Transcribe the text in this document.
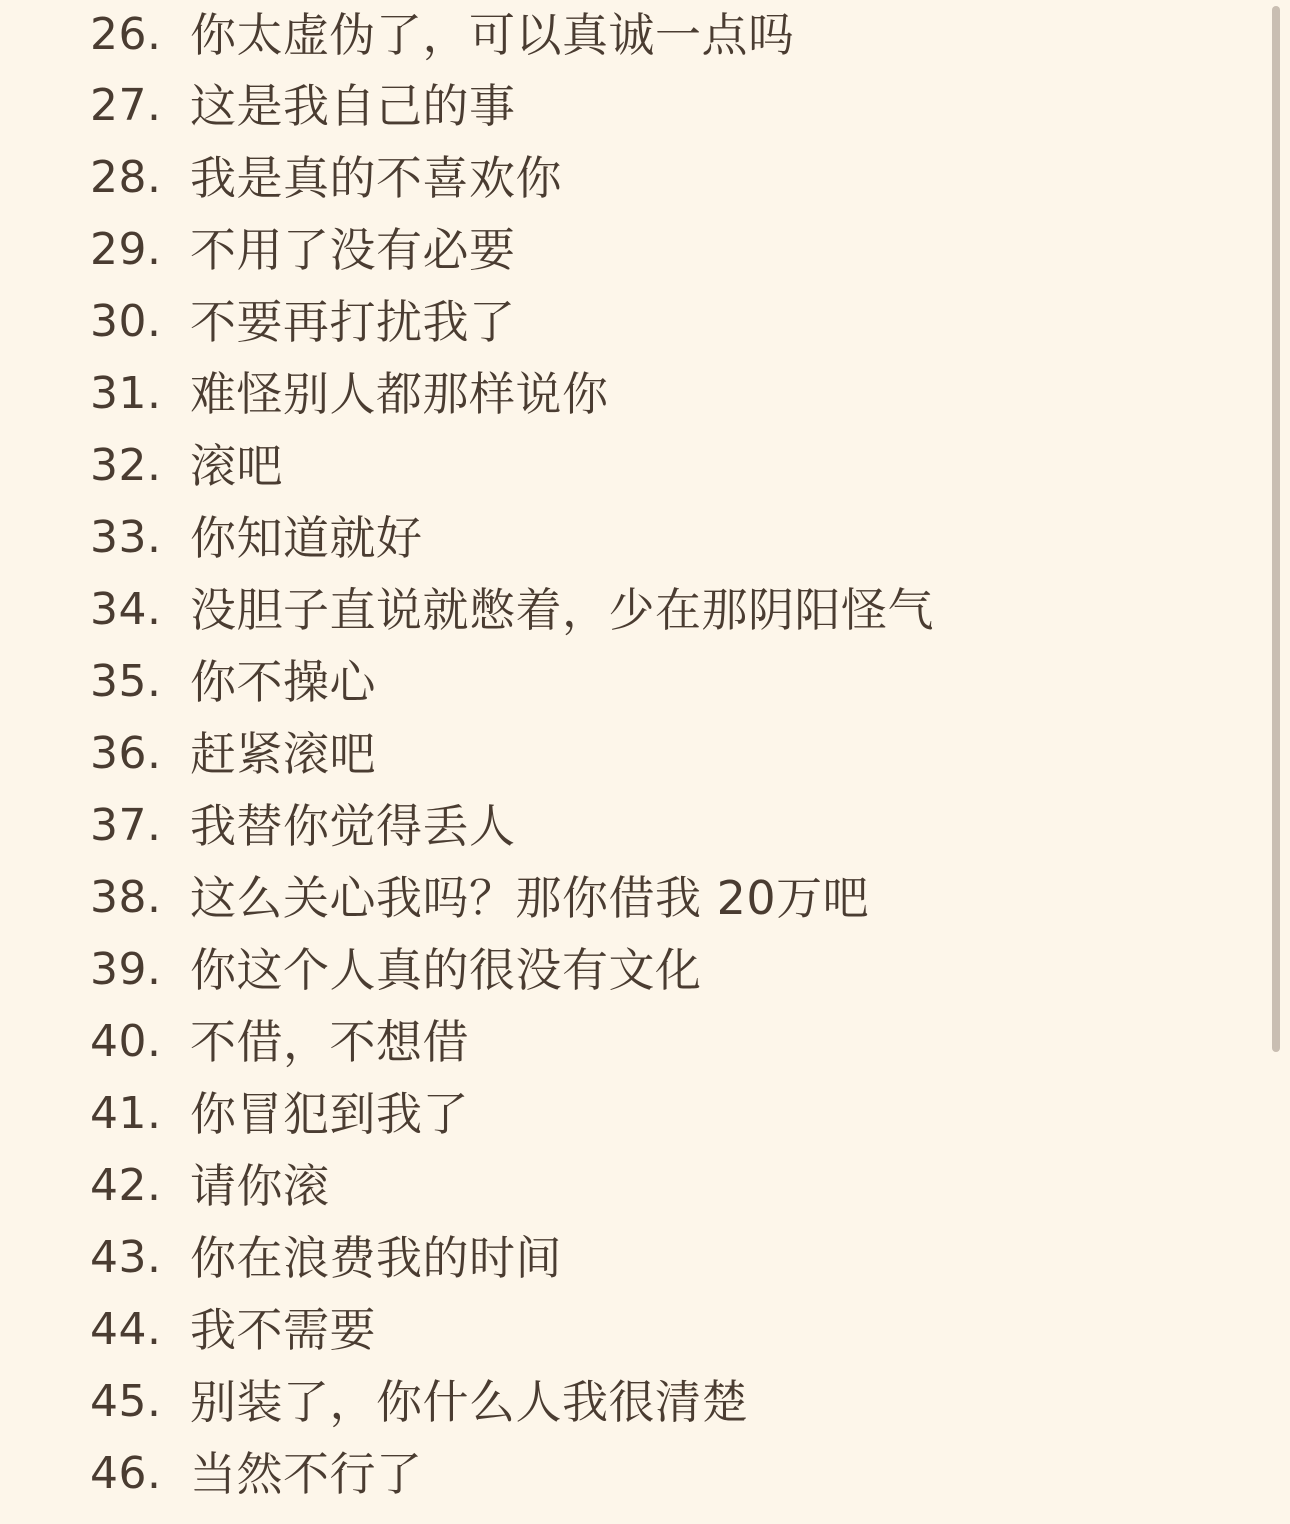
26. 你太虚伪了，可以真诚一点吗
27. 这是我自己的事
28. 我是真的不喜欢你
29. 不用了没有必要
30. 不要再打扰我了
31. 难怪别人都那样说你
32. 滚吧
33. 你知道就好
34. 没胆子直说就憋着，少在那阴阳怪气
35. 你不操心
36. 赶紧滚吧
37. 我替你觉得丢人
38. 这么关心我吗？那你借我 20万吧
39. 你这个人真的很没有文化
40. 不借，不想借
41. 你冒犯到我了
42. 请你滚
43. 你在浪费我的时间
44. 我不需要
45. 别装了，你什么人我很清楚
46. 当然不行了
